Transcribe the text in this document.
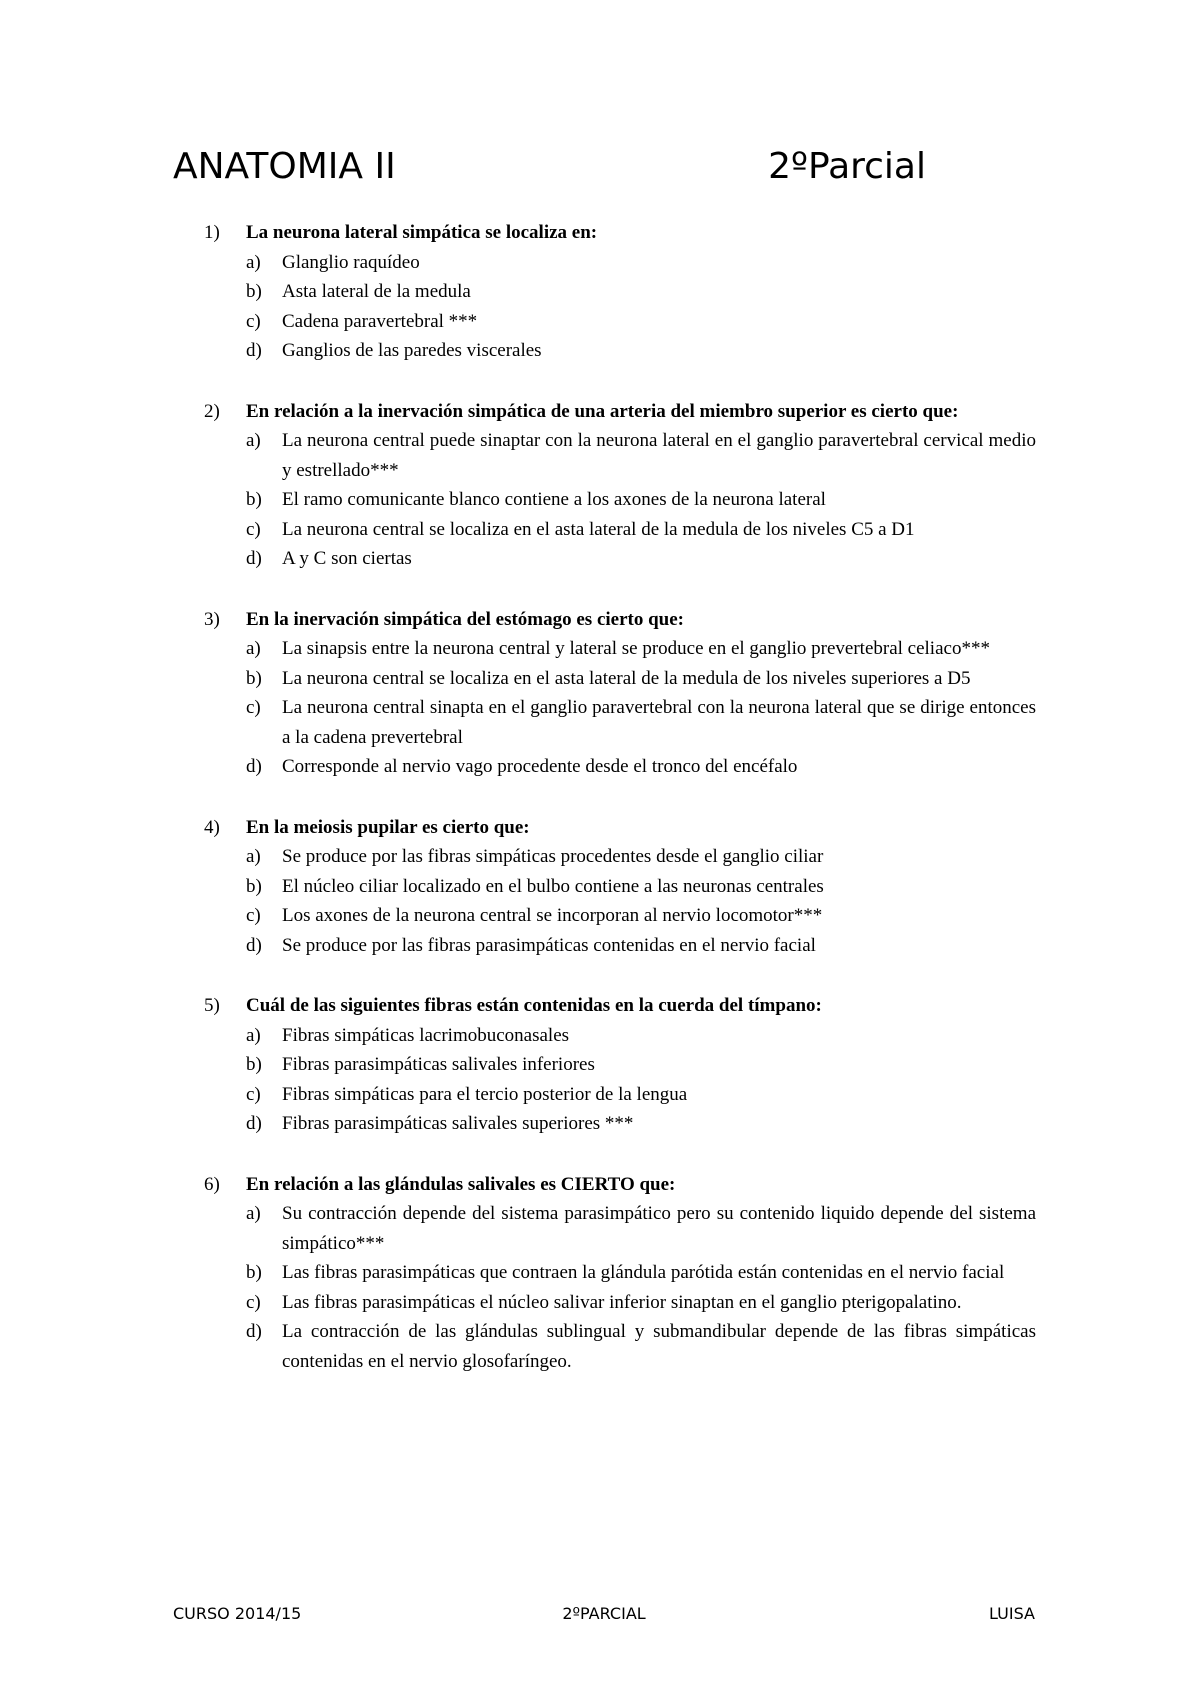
ANATOMIA II	2ºParcial
1)	La neurona lateral simpática se localiza en:
a)	Glanglio raquídeo
b)	Asta lateral de la medula
c)	Cadena paravertebral ***
d)	Ganglios de las paredes viscerales
2)	En relación a la inervación simpática de una arteria del miembro superior es cierto que:
a)	La neurona central puede sinaptar con la neurona lateral en el ganglio paravertebral cervical medio y estrellado***
b)	El ramo comunicante blanco contiene a los axones de la neurona lateral
c)	La neurona central se localiza en el asta lateral de la medula de los niveles C5 a D1
d)	A y C son ciertas
3)	En la inervación simpática del estómago es cierto que:
a)	La sinapsis entre la neurona central y lateral se produce en el ganglio prevertebral celiaco***
b)	La neurona central se localiza en el asta lateral de la medula de los niveles superiores a D5
c)	La neurona central sinapta en el ganglio paravertebral con la neurona lateral que se dirige entonces a la cadena prevertebral
d)	Corresponde al nervio vago procedente desde el tronco del encéfalo
4)	En la meiosis pupilar es cierto que:
a)	Se produce por las fibras simpáticas procedentes desde el ganglio ciliar
b)	El núcleo ciliar localizado en el bulbo contiene a las neuronas centrales
c)	Los axones de la neurona central se incorporan al nervio locomotor***
d)	Se produce por las fibras parasimpáticas contenidas en el nervio facial
5)	Cuál de las siguientes fibras están contenidas en la cuerda del tímpano:
a)	Fibras simpáticas lacrimobuconasales
b)	Fibras parasimpáticas salivales inferiores
c)	Fibras simpáticas para el tercio posterior de la lengua
d)	Fibras parasimpáticas salivales superiores ***
6)	En relación a las glándulas salivales es CIERTO que:
a)	Su contracción depende del sistema parasimpático pero su contenido liquido depende del sistema simpático***
b)	Las fibras parasimpáticas que contraen la glándula parótida están contenidas en el nervio facial
c)	Las fibras parasimpáticas el núcleo salivar inferior sinaptan en el ganglio pterigopalatino.
d)	La contracción de las glándulas sublingual y submandibular depende de las fibras simpáticas contenidas en el nervio glosofaríngeo.
CURSO 2014/15	2ºPARCIAL	LUISA
